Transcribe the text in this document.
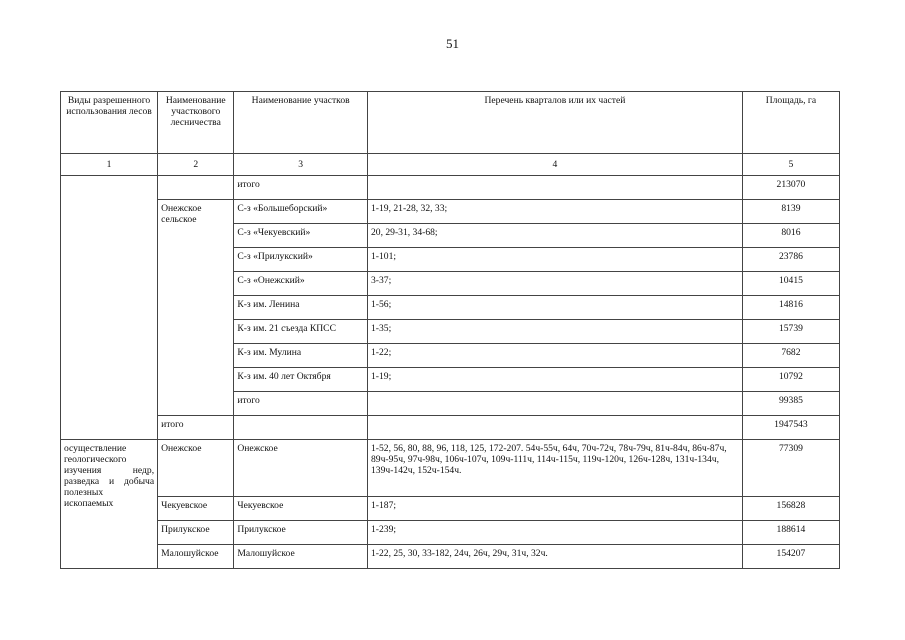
51
Виды разрешенного использования лесов	Наименование участкового лесничества	Наименование участков	Перечень кварталов или их частей	Площадь, га
1	2	3	4	5
		итого		213070
	Онежское сельское	С-з «Большеборский»	1-19, 21-28, 32, 33;	8139
		С-з «Чекуевский»	20, 29-31, 34-68;	8016
		С-з «Прилукский»	1-101;	23786
		С-з «Онежский»	3-37;	10415
		К-з им. Ленина	1-56;	14816
		К-з им. 21 съезда КПСС	1-35;	15739
		К-з им. Мулина	1-22;	7682
		К-з им. 40 лет Октября	1-19;	10792
		итого		99385
	итого			1947543
осуществление геологического изучения недр, разведка и добыча полезных ископаемых	Онежское	Онежское	1-52, 56, 80, 88, 96, 118, 125, 172-207. 54ч-55ч, 64ч, 70ч-72ч, 78ч-79ч, 81ч-84ч, 86ч-87ч, 89ч-95ч, 97ч-98ч, 106ч-107ч, 109ч-111ч, 114ч-115ч, 119ч-120ч, 126ч-128ч, 131ч-134ч, 139ч-142ч, 152ч-154ч.	77309
	Чекуевское	Чекуевское	1-187;	156828
	Прилукское	Прилукское	1-239;	188614
	Малошуйское	Малошуйское	1-22, 25, 30, 33-182, 24ч, 26ч, 29ч, 31ч, 32ч.	154207
